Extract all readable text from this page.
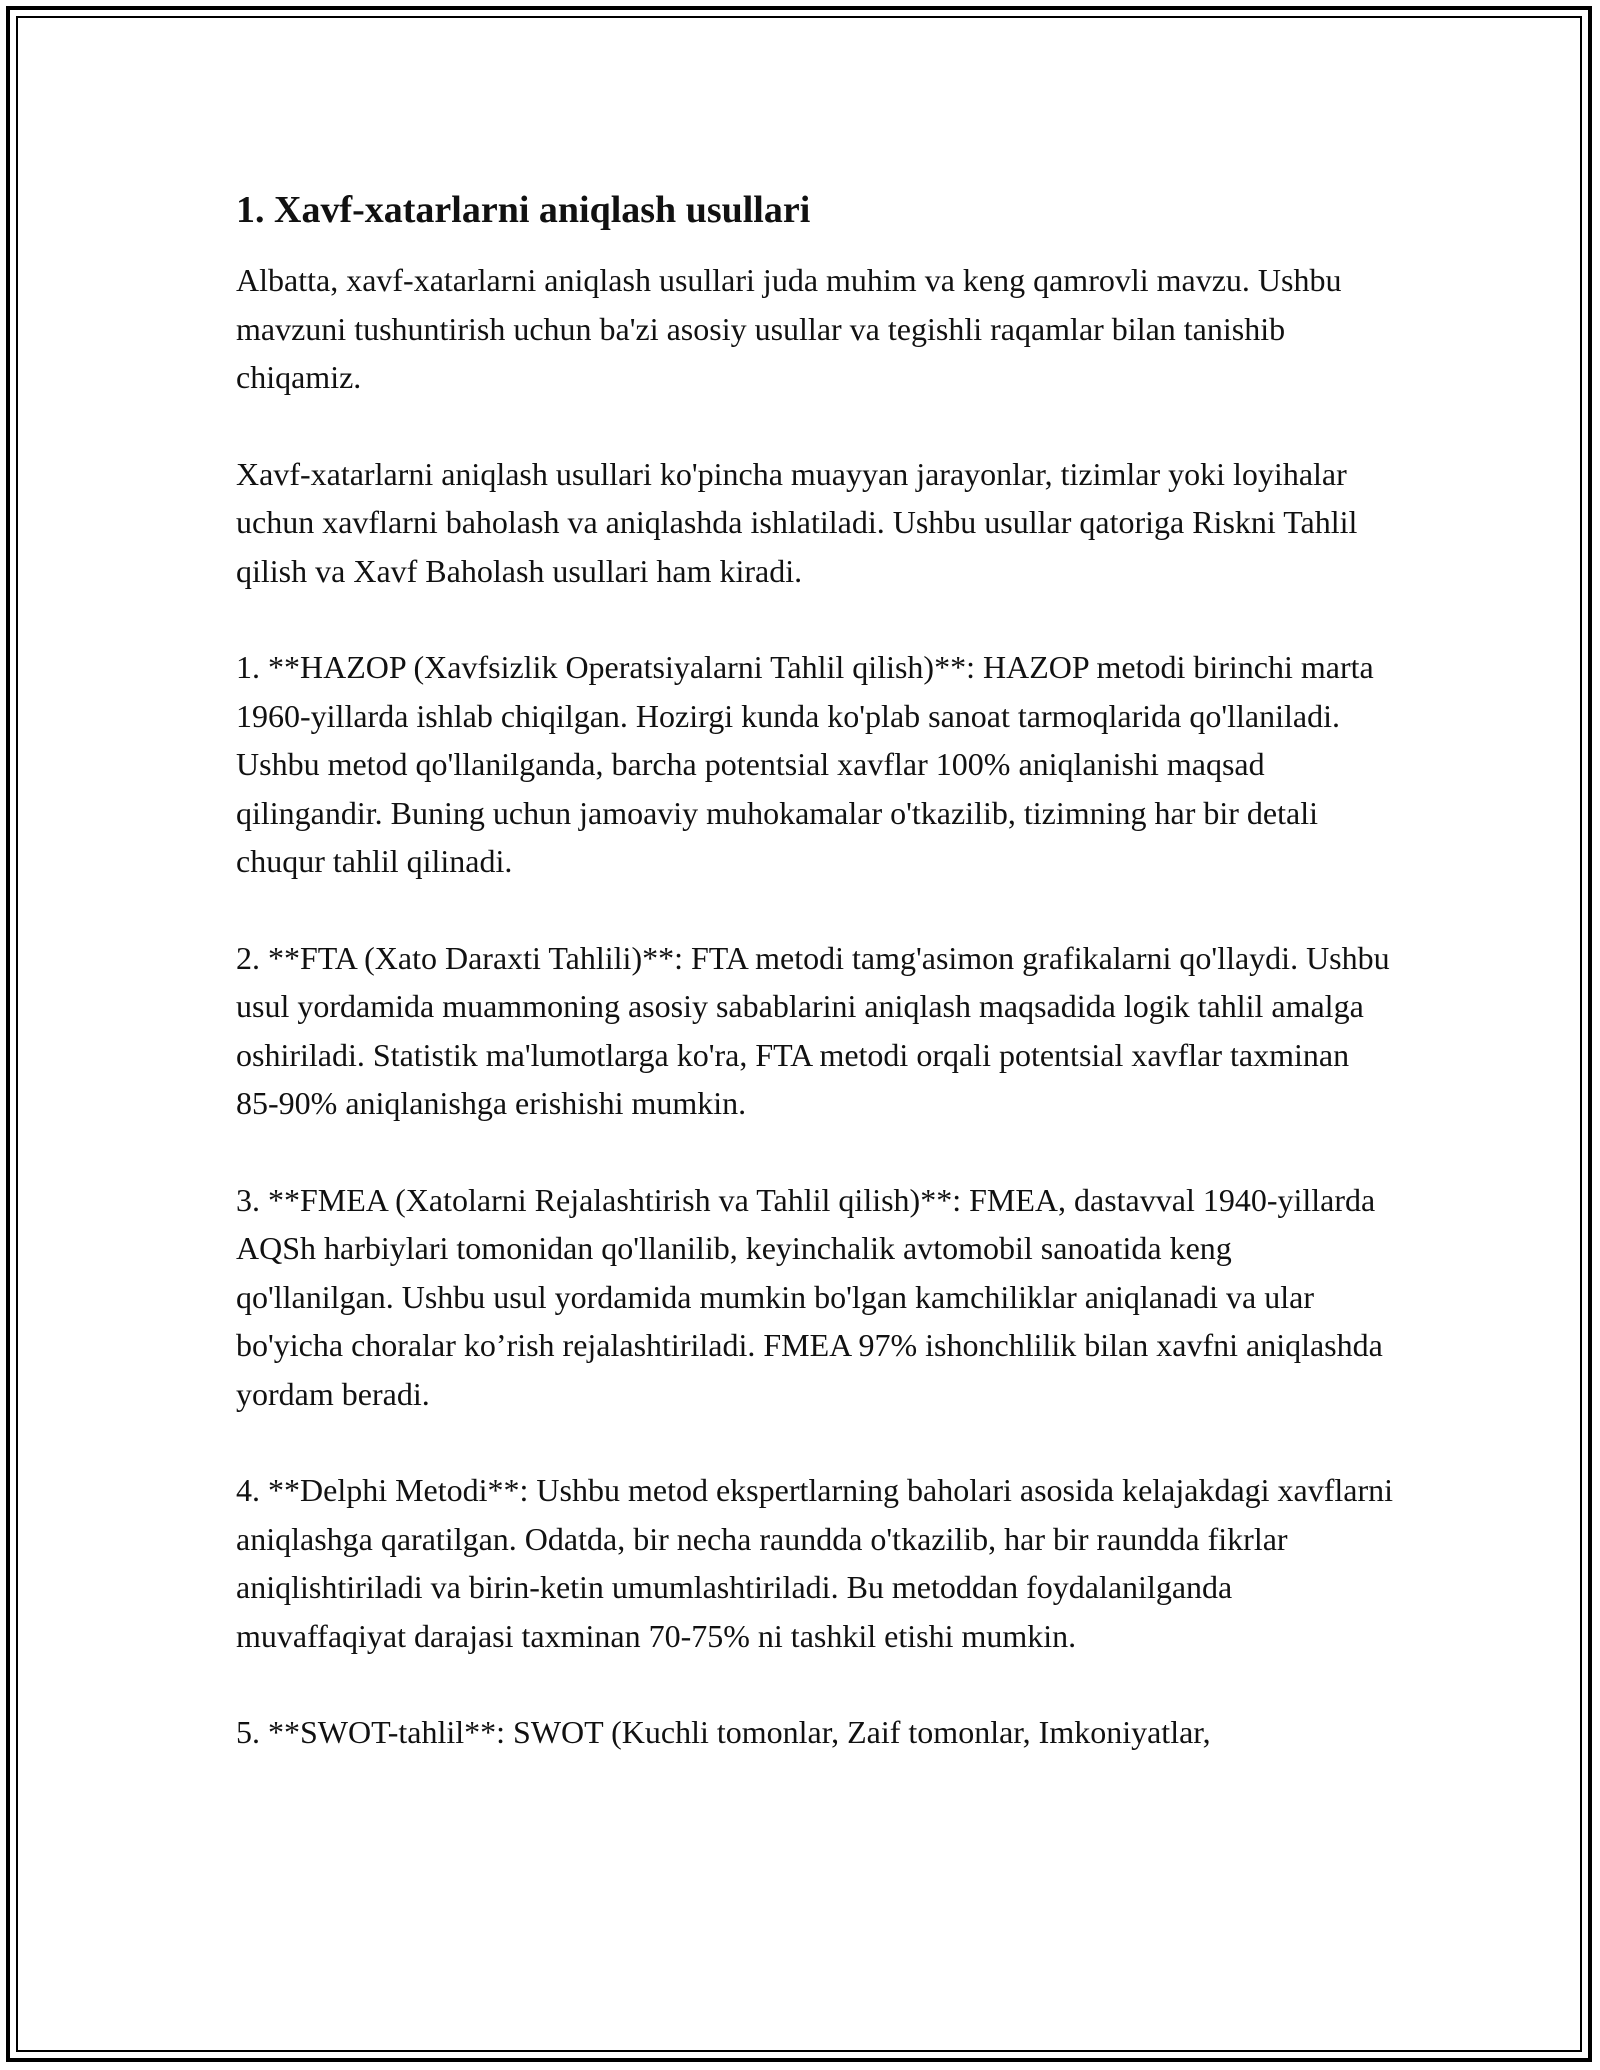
1. Xavf-xatarlarni aniqlash usullari

Albatta, xavf-xatarlarni aniqlash usullari juda muhim va keng qamrovli mavzu. Ushbu mavzuni tushuntirish uchun ba'zi asosiy usullar va tegishli raqamlar bilan tanishib chiqamiz.

Xavf-xatarlarni aniqlash usullari ko'pincha muayyan jarayonlar, tizimlar yoki loyihalar uchun xavflarni baholash va aniqlashda ishlatiladi. Ushbu usullar qatoriga Riskni Tahlil qilish va Xavf Baholash usullari ham kiradi.

1. **HAZOP (Xavfsizlik Operatsiyalarni Tahlil qilish)**: HAZOP metodi birinchi marta 1960-yillarda ishlab chiqilgan. Hozirgi kunda ko'plab sanoat tarmoqlarida qo'llaniladi. Ushbu metod qo'llanilganda, barcha potentsial xavflar 100% aniqlanishi maqsad qilingandir. Buning uchun jamoaviy muhokamalar o'tkazilib, tizimning har bir detali chuqur tahlil qilinadi.

2. **FTA (Xato Daraxti Tahlili)**: FTA metodi tamg'asimon grafikalarni qo'llaydi. Ushbu usul yordamida muammoning asosiy sabablarini aniqlash maqsadida logik tahlil amalga oshiriladi. Statistik ma'lumotlarga ko'ra, FTA metodi orqali potentsial xavflar taxminan 85-90% aniqlanishga erishishi mumkin.

3. **FMEA (Xatolarni Rejalashtirish va Tahlil qilish)**: FMEA, dastavval 1940-yillarda AQSh harbiylari tomonidan qo'llanilib, keyinchalik avtomobil sanoatida keng qo'llanilgan. Ushbu usul yordamida mumkin bo'lgan kamchiliklar aniqlanadi va ular bo'yicha choralar ko’rish rejalashtiriladi. FMEA 97% ishonchlilik bilan xavfni aniqlashda yordam beradi.

4. **Delphi Metodi**: Ushbu metod ekspertlarning baholari asosida kelajakdagi xavflarni aniqlashga qaratilgan. Odatda, bir necha raundda o'tkazilib, har bir raundda fikrlar aniqlishtiriladi va birin-ketin umumlashtiriladi. Bu metoddan foydalanilganda muvaffaqiyat darajasi taxminan 70-75% ni tashkil etishi mumkin.

5. **SWOT-tahlil**: SWOT (Kuchli tomonlar, Zaif tomonlar, Imkoniyatlar,
